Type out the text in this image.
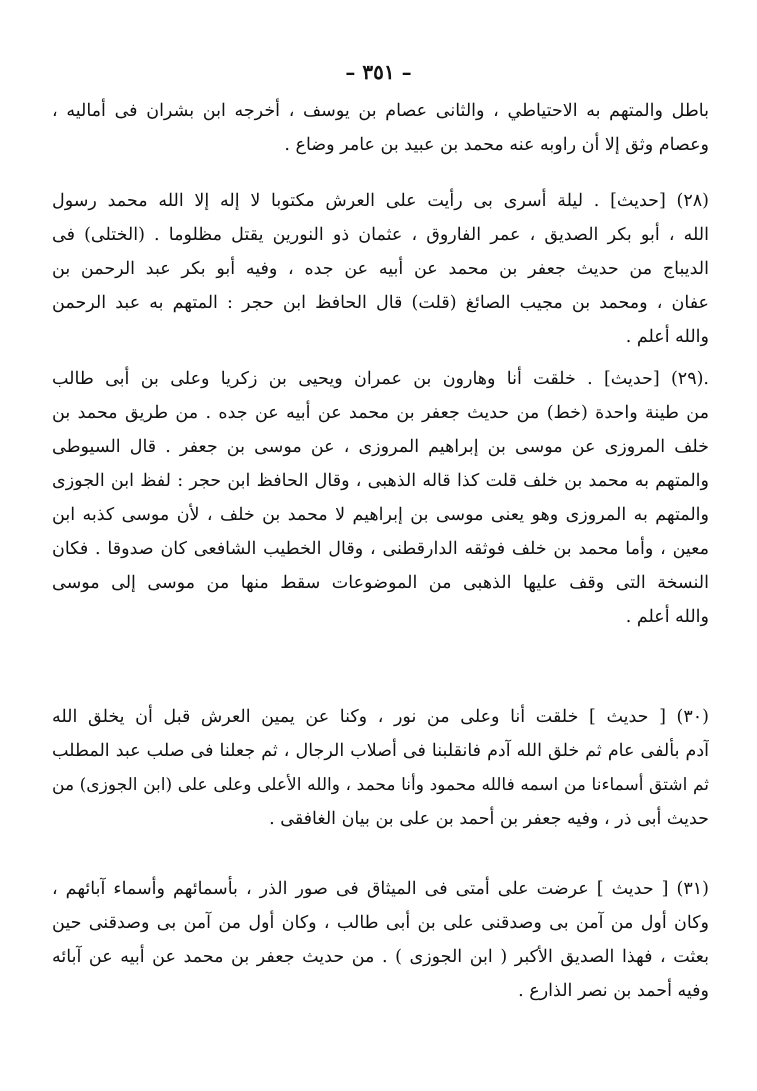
– ٣٥١ –
باطل والمتهم به الاحتياطي ، والثانى عصام بن يوسف ، أخرجه ابن بشران فى أماليه ،
وعصام وثق إلا أن راوبه عنه محمد بن عبيد بن عامر وضاع .
(٢٨) [حديث] . ليلة أسرى بى رأيت على العرش مكتوبا لا إله إلا الله محمد رسول
الله ، أبو بكر الصديق ، عمر الفاروق ، عثمان ذو النورين يقتل مظلوما . (الختلى) فى
الديباج من حديث جعفر بن محمد عن أبيه عن جده ، وفيه أبو بكر عبد الرحمن بن
عفان ، ومحمد بن مجيب الصائغ (قلت) قال الحافظ ابن حجر : المتهم به عبد الرحمن
والله أعلم .
.(٢٩) [حديث] . خلقت أنا وهارون بن عمران ويحيى بن زكريا وعلى بن أبى طالب
من طينة واحدة (خط) من حديث جعفر بن محمد عن أبيه عن جده . من طريق محمد بن
خلف المروزى عن موسى بن إبراهيم المروزى ، عن موسى بن جعفر . قال السيوطى
والمتهم به محمد بن خلف قلت كذا قاله الذهبى ، وقال الحافظ ابن حجر : لفظ ابن الجوزى
والمتهم به المروزى وهو يعنى موسى بن إبراهيم لا محمد بن خلف ، لأن موسى كذبه ابن
معين ، وأما محمد بن خلف فوثقه الدارقطنى ، وقال الخطيب الشافعى كان صدوقا . فكان
النسخة التى وقف عليها الذهبى من الموضوعات سقط منها من موسى إلى موسى
والله أعلم .
(٣٠) [ حديث ] خلقت أنا وعلى من نور ، وكنا عن يمين العرش قبل أن يخلق الله
آدم بألفى عام ثم خلق الله آدم فانقلبنا فى أصلاب الرجال ، ثم جعلنا فى صلب عبد المطلب
ثم اشتق أسماءنا من اسمه فالله محمود وأنا محمد ، والله الأعلى وعلى على (ابن الجوزى) من
حديث أبى ذر ، وفيه جعفر بن أحمد بن على بن بيان الغافقى .
(٣١) [ حديث ] عرضت على أمتى فى الميثاق فى صور الذر ، بأسمائهم وأسماء آبائهم ،
وكان أول من آمن بى وصدقنى على بن أبى طالب ، وكان أول من آمن بى وصدقنى حين
بعثت ، فهذا الصديق الأكبر ( ابن الجوزى ) . من حديث جعفر بن محمد عن أبيه عن آبائه
وفيه أحمد بن نصر الذارع .
